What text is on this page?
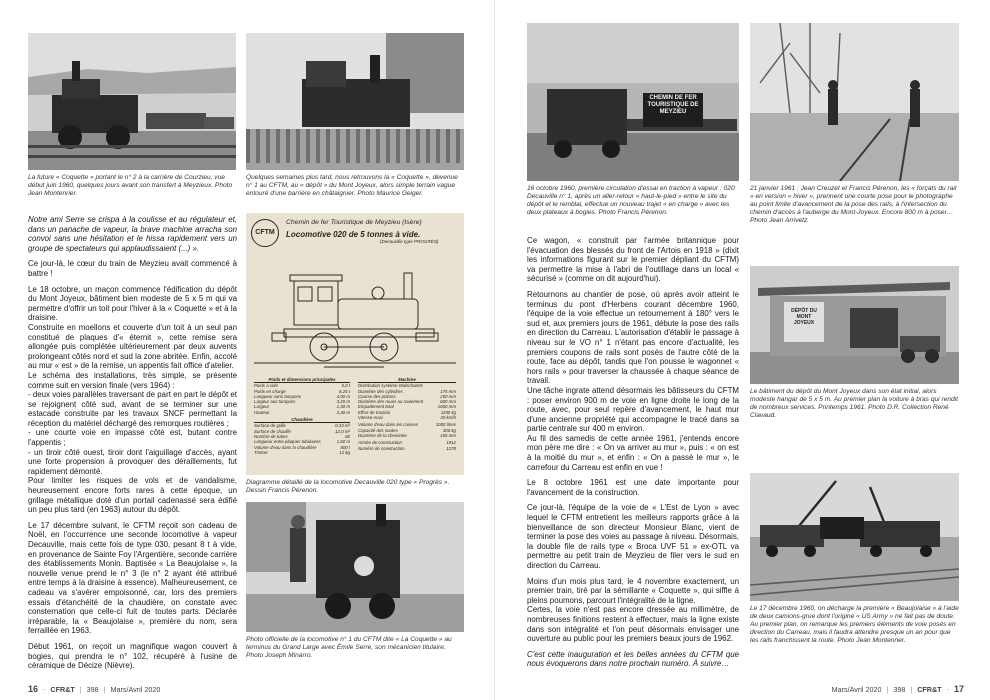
La future « Coquette » portant le n° 2 à la carrière de Courzieu, vue début juin 1960, quelques jours avant son transfert à Meyzieux. Photo Jean Montenrier.
Quelques semaines plus tard, nous retrouvons la « Coquette », devenue n° 1 au CFTM, au « dépôt » du Mont Joyeux, alors simple terrain vague entouré d'une barrière en châtaignier. Photo Maurice Geiger.

Notre ami Serre se crispa à la coulisse et au régulateur et, dans un panache de vapeur, la brave machine arracha son convoi sans une hésitation et le hissa rapidement vers un groupe de spectateurs qui applaudissaient (...) ».

Ce jour-là, le cœur du train de Meyzieu avait commencé à battre !

Le 18 octobre, un maçon commence l'édification du dépôt du Mont Joyeux, bâtiment bien modeste de 5 x 5 m qui va permettre d'offrir un toit pour l'hiver à la « Coquette » et à la draisine.

Construite en moellons et couverte d'un toit à un seul pan constitué de plaques d'« éternit », cette remise sera allongée puis complétée ultérieurement par deux auvents prolongeant côtés nord et sud la zone abritée. Enfin, accolé au mur « est » de la remise, un appentis fait office d'atelier.

Le schéma des installations, très simple, se présente comme suit en version finale (vers 1964) :

- deux voies parallèles traversant de part en part le dépôt et se rejoignent côté sud, avant de se terminer sur une estacade construite par les travaux SNCF permettant la réception du matériel déchargé des remorques routières ;

- une courte voie en impasse côté est, butant contre l'appentis ;

- un tiroir côté ouest, tiroir dont l'aiguillage d'accès, ayant une forte propension à provoquer des déraillements, fut rapidement démonté.

Pour limiter les risques de vols et de vandalisme, heureusement encore forts rares à cette époque, un grillage métallique doté d'un portail cadenassé sera édifié un peu plus tard (en 1963) autour du dépôt.

Le 17 décembre suivant, le CFTM reçoit son cadeau de Noël, en l'occurrence une seconde locomotive à vapeur Decauville, mais cette fois de type 030, pesant 8 t à vide, en provenance de Sainte Foy l'Argentière, seconde carrière des établissements Monin. Baptisée « La Beaujolaise », la nouvelle venue prend le n° 3 (le n° 2 ayant été attribué entre temps à la draisine à essence). Malheureusement, ce cadeau va s'avérer empoisonné, car, lors des premiers essais d'étanchéité de la chaudière, on constate avec consternation que celle-ci fuit de toutes parts. Déclarée irréparable, la « Beaujolaise », première du nom, sera ferraillée en 1963.

Début 1961, on reçoit un magnifique wagon couvert à bogies, qui prendra le n° 102, récupéré à l'usine de céramique de Décize (Nièvre).

Chemin de fer Touristique de Meyzieu (Isère)
CFTM	Locomotive 020 de 5 tonnes à vide.
(Decauville type PROGRÈS)
Poids et dimensions principales
Poids à vide	5,0 t
Poids en charge	6,25 t
Longueur sans tampons	4,90 m
Largeur aux tampons	3,20 m
Largeur	1,50 m
Hauteur	2,30 m
Chaudière
Surface de grille	0,33 m²
Surface de chauffe	12,0 m²
Nombre de tubes	60
Longueur entre plaques tubulaires	1,60 m
Volume d'eau dans la chaudière	800 l
Timbre	12 kg
Machine
Distribution système Walschaerts
Diamètre des cylindres	175 mm
Course des pistons	250 mm
Diamètre des roues au roulement	600 mm
Empattement total	1000 mm
Effort de traction	1190 kg
Vitesse maxi	20 km/h
Volume d'eau dans les caisses	1000 litres
Capacité des soutes	300 kg
Diamètre de la cheminée	155 mm
Armée de construction	1912
Numéro de construction	1278
Diagramme détaillé de la locomotive Decauville 020 type « Progrès ». Dessin Francis Pérenon.
Photo officielle de la locomotive n° 1 du CFTM dite « La Coquette » au terminus du Grand Large avec Émile Serre, son mécanicien titulaire. Photo Joseph Minarro.
16 - CFR&T | 398 | Mars/Avril 2020
CHEMIN DE FER TOURISTIQUE DE MEYZIEU
16 octobre 1960, première circulation d'essai en traction à vapeur : 020 Decauville n° 1, après un aller-retour « haut-le-pied » entre le site du dépôt et le remblai, effectue un nouveau trajet « en charge » avec les deux plateaux à bogies. Photo Francis Pérenon.
21 janvier 1961 : Jean Creuzet et Francis Pérenon, les « forçats du rail » en version « hiver », prennent une courte pose pour le photographe au point limite d'avancement de la pose des rails, à l'intersection du chemin d'accès à l'auberge du Mont-Joyeux. Encore 800 m à poser… Photo Jean Arrivetz.

Ce wagon, « construit par l'armée britannique pour l'évacuation des blessés du front de l'Artois en 1918 » (dixit les informations figurant sur le premier dépliant du CFTM) va permettre la mise à l'abri de l'outillage dans un local « sécurisé » (comme on dit aujourd'hui).

Retournons au chantier de pose, où après avoir atteint le terminus du pont d'Herbens courant décembre 1960, l'équipe de la voie effectue un retournement à 180° vers le sud et, aux premiers jours de 1961, débute la pose des rails en direction du Carreau. L'autorisation d'établir le passage à niveau sur le VO n° 1 n'étant pas encore d'actualité, les premiers coupons de rails sont posés de l'autre côté de la route, face au dépôt, tandis que l'on pousse le wagonnet « hors rails » pour traverser la chaussée à chaque séance de travail.

Une tâche ingrate attend désormais les bâtisseurs du CFTM : poser environ 900 m de voie en ligne droite le long de la route, avec, pour seul repère d'avancement, le haut mur d'une ancienne propriété qui accompagne le tracé dans sa partie centrale sur 400 m environ.

Au fil des samedis de cette année 1961, j'entends encore mon père me dire : « On va arriver au mur », puis : « on est à la moitié du mur », et enfin : « On a passé le mur », le carrefour du Carreau est enfin en vue !

Le 8 octobre 1961 est une date importante pour l'avancement de la construction.

Ce jour-là, l'équipe de la voie de « L'Est de Lyon » avec lequel le CFTM entretient les meilleurs rapports grâce à la bienveillance de son directeur Monsieur Blanc, vient de terminer la pose des voies au passage à niveau. Désormais, la double file de rails type « Broca UVF 51 » ex-OTL va permettre au petit train de Meyzieu de filer vers le sud en direction du Carreau.

Moins d'un mois plus tard, le 4 novembre exactement, un premier train, tiré par la sémillante « Coquette », qui siffle à pleins poumons, parcourt l'intégralité de la ligne.

Certes, la voie n'est pas encore dressée au millimètre, de nombreuses finitions restent à effectuer, mais la ligne existe dans son intégralité et l'on peut désormais envisager une ouverture au public pour les premiers beaux jours de 1962.

C'est cette inauguration et les belles années du CFTM que nous évoquerons dans notre prochain numéro. À suivre…

DÉPÔT DU MONT JOYEUX
Le bâtiment du dépôt du Mont Joyeux dans son état initial, alors modeste hangar de 5 x 5 m. Au premier plan la voiture à bras qui rendit de nombreux services. Printemps 1961. Photo D.R. Collection René Clavaud.
Le 17 décembre 1960, on décharge la première « Beaujolaise » à l'aide de deux camions-grue dont l'origine « US Army » ne fait pas de doute. Au premier plan, on remarque les premiers éléments de voie posés en direction du Carreau, mais il faudra attendre presque un an pour que les rails franchissent la route. Photo Jean Montenrier.
Mars/Avril 2020 | 398 | CFR&T - 17
